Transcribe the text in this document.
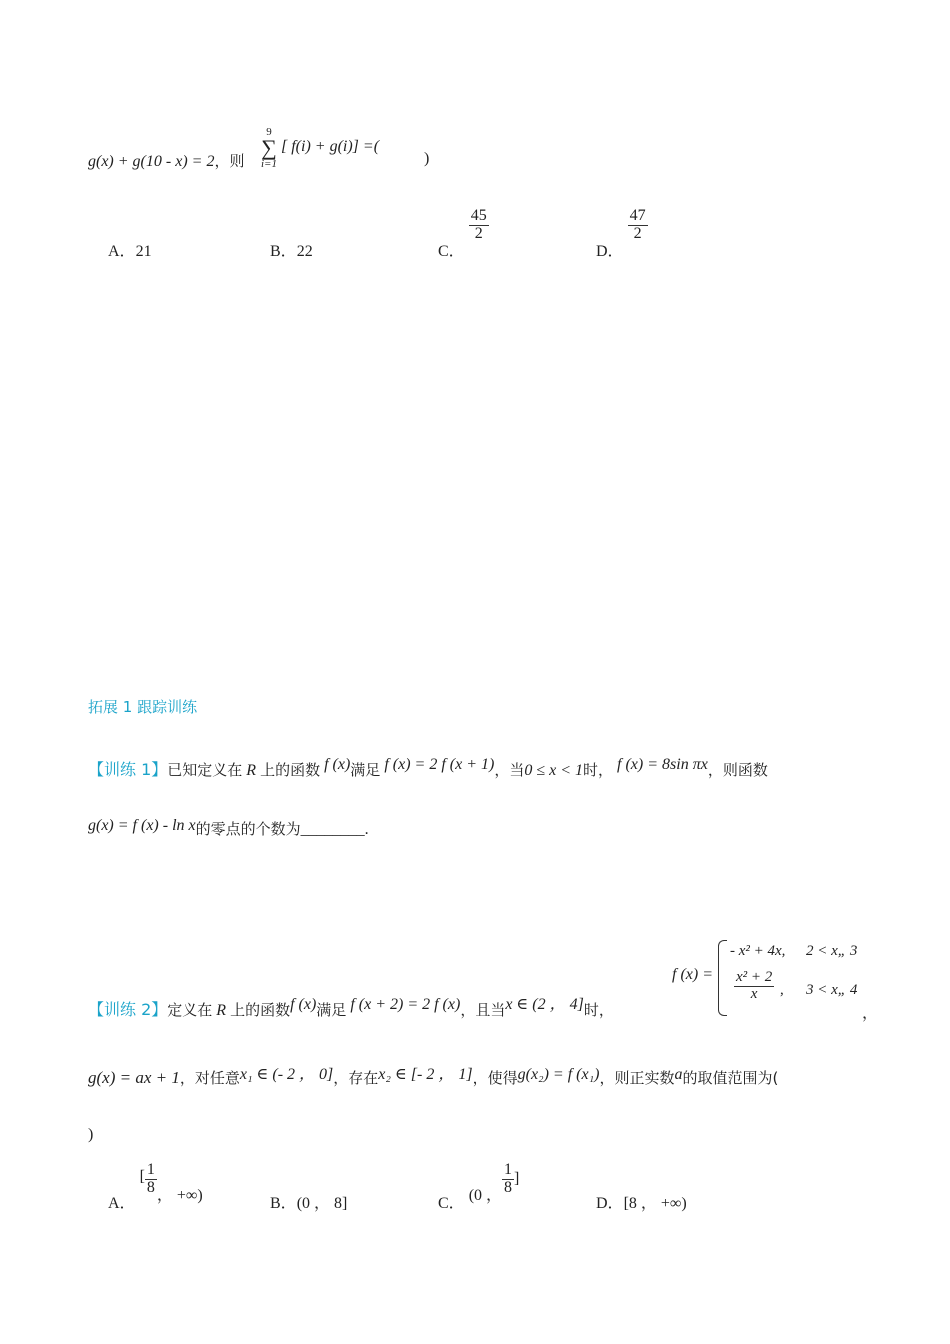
g(x) + g(10 - x) = 2，则
9
∑
i=1
[ f(i) + g(i)] =(
)
A．21	B．22	C．
$\frac{45}{2}$
D．
$\frac{47}{2}$
拓展 1 跟踪训练
【训练 1】已知定义在 R 上的函数 f (x)满足 f (x) = 2 f (x + 1)，当0 ≤ x < 1时， f (x) = 8sin πx，则函数
g(x) = f (x) - ln x的零点的个数为________.
f (x) =
- x² + 4x, 2 < x„ 3
$\frac{\text{x² + 2}}{x}$ , 3 < x„ 4
，
【训练 2】定义在 R 上的函数f (x)满足 f (x + 2) = 2 f (x)，且当x ∈ (2 ， 4]时，
g(x) = ax + 1，对任意x₁ ∈ (- 2 ， 0]，存在x₂ ∈ [- 2 ， 1]，使得g(x₂) = f (x₁)，则正实数a的取值范围为(
)
A． [ $\frac{1}{8}$ ， +∞)	B．(0 ， 8]	C． (0 ， $\frac{1}{8}$ ]
D．[8 ， +∞)
